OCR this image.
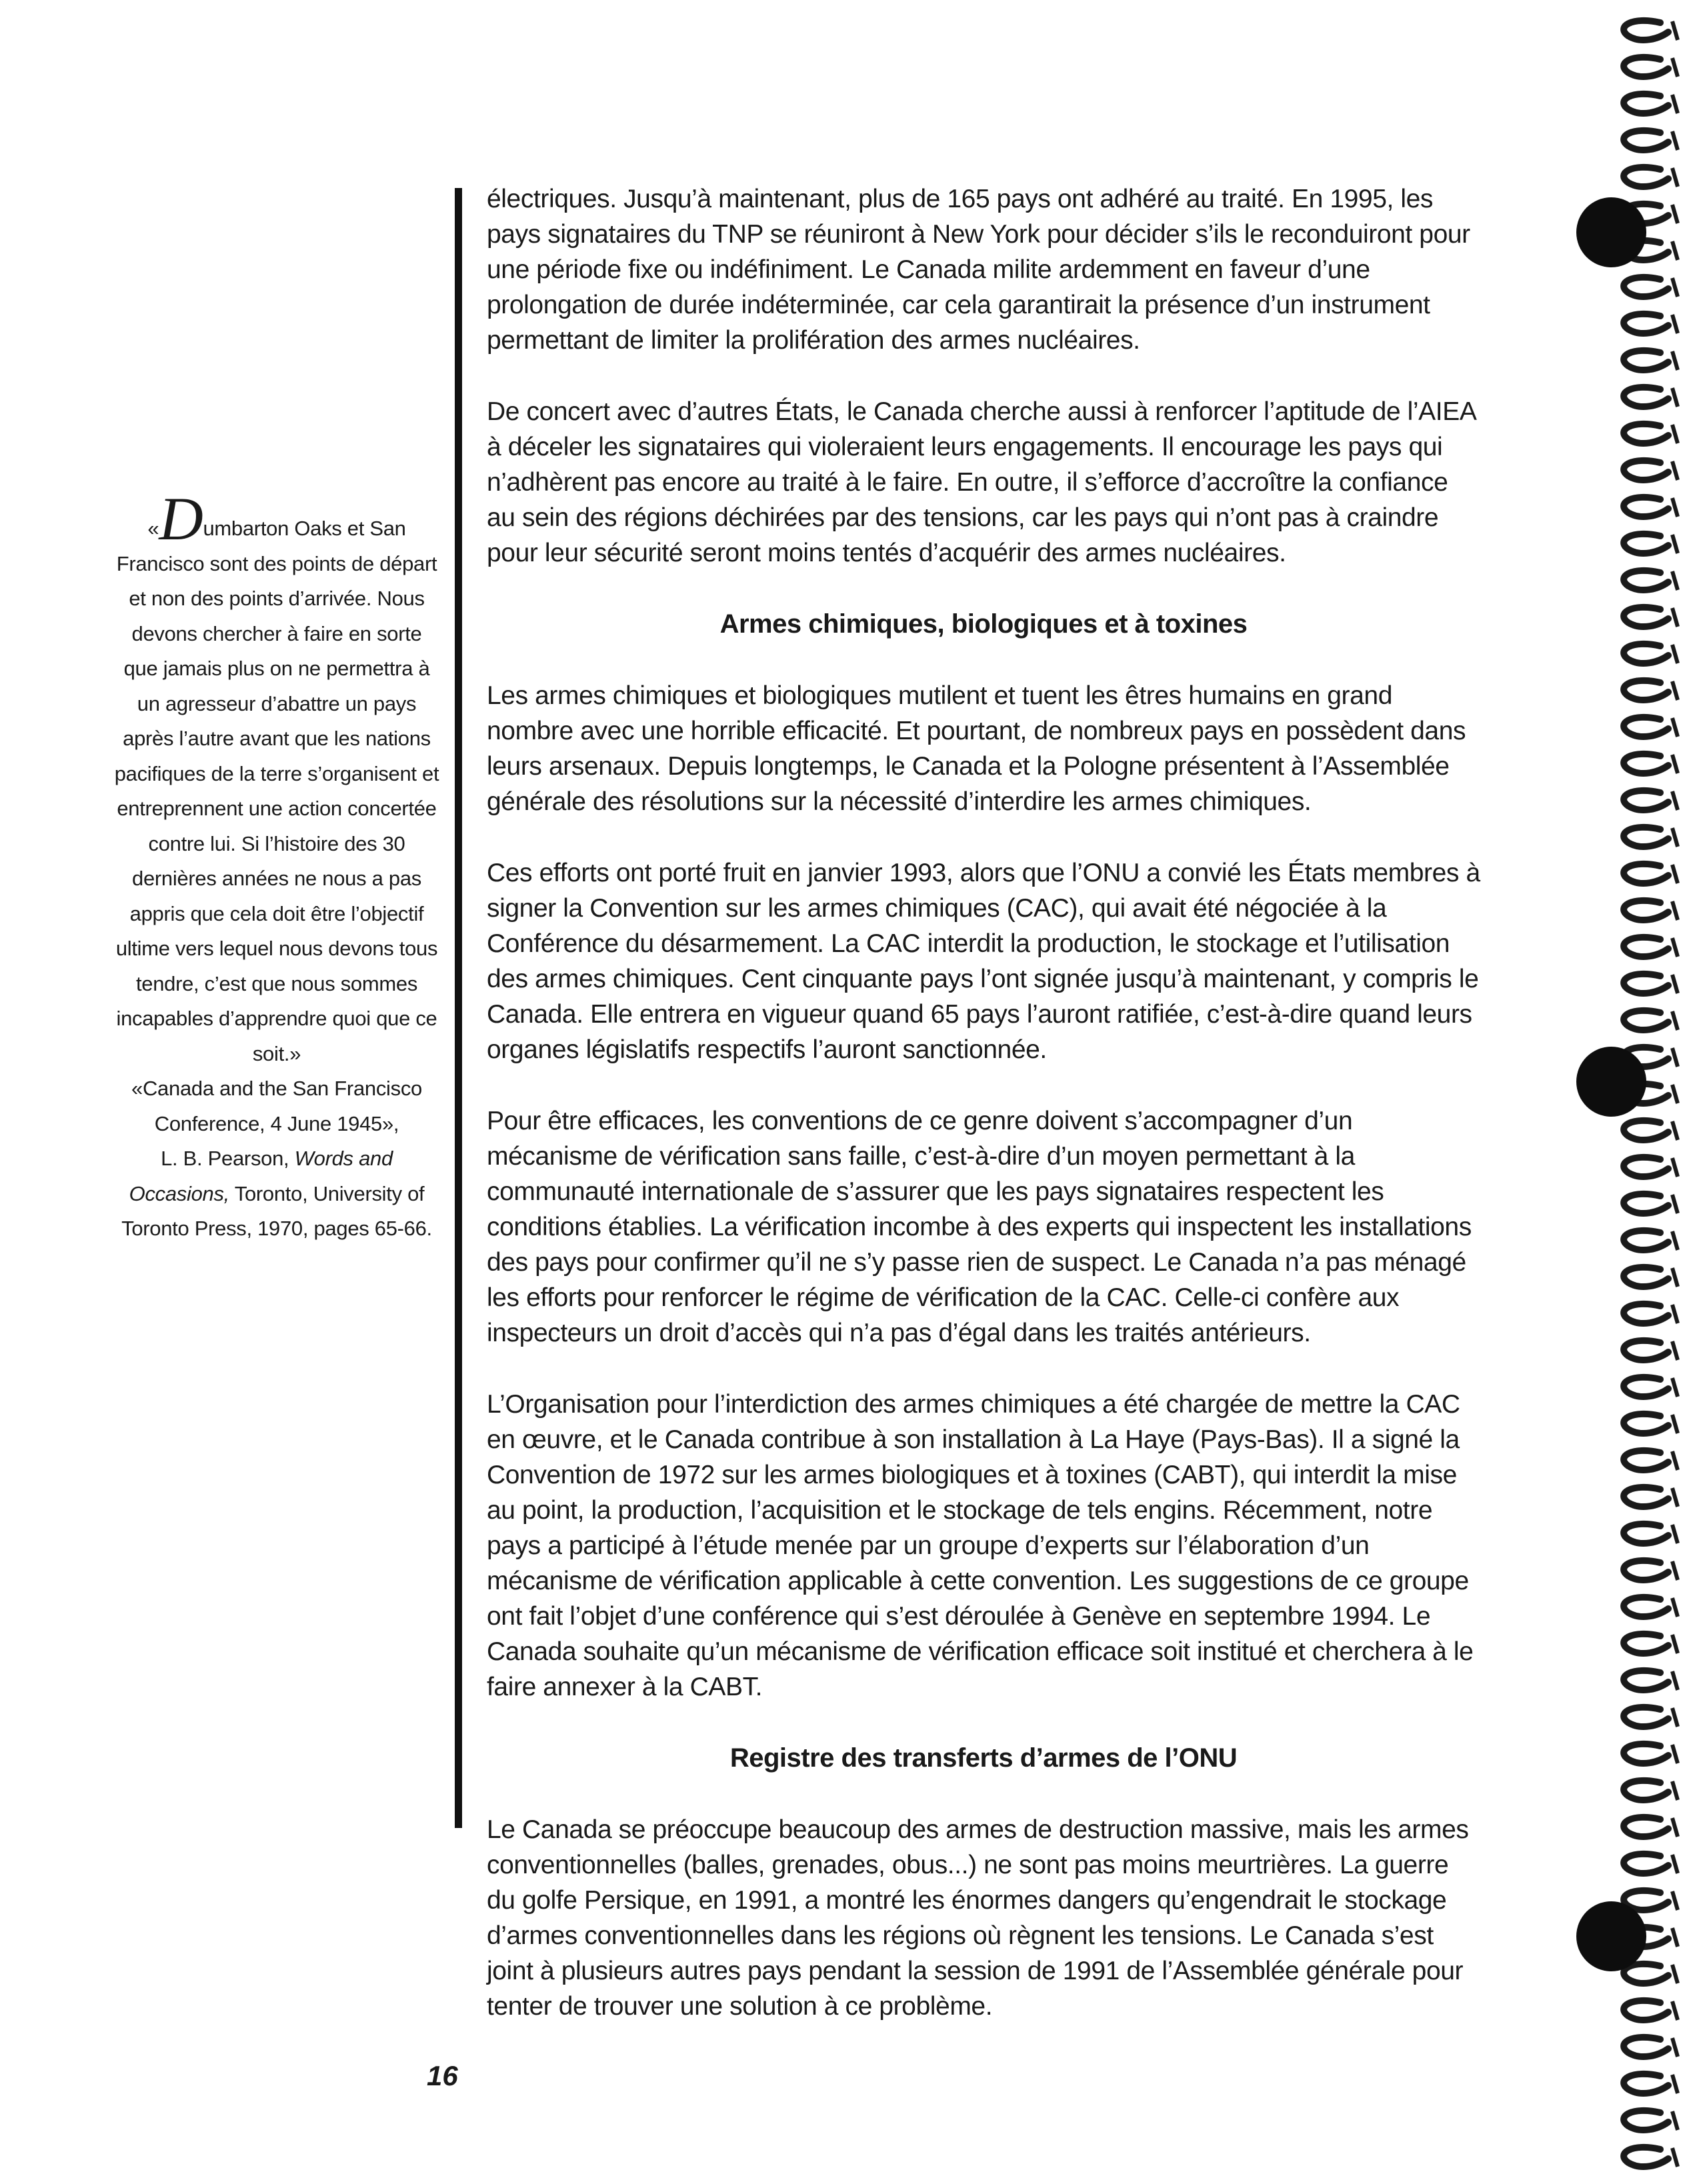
«Dumbarton Oaks et San Francisco sont des points de départ et non des points d’arrivée. Nous devons chercher à faire en sorte que jamais plus on ne permettra à un agresseur d’abattre un pays après l’autre avant que les nations pacifiques de la terre s’organisent et entreprennent une action concertée contre lui. Si l’histoire des 30 dernières années ne nous a pas appris que cela doit être l’objectif ultime vers lequel nous devons tous tendre, c’est que nous sommes incapables d’apprendre quoi que ce soit.»

«Canada and the San Francisco Conference, 4 June 1945»,
L. B. Pearson, Words and Occasions, Toronto, University of Toronto Press, 1970, pages 65-66.

électriques. Jusqu’à maintenant, plus de 165 pays ont adhéré au traité. En 1995, les pays signataires du TNP se réuniront à New York pour décider s’ils le reconduiront pour une période fixe ou indéfiniment. Le Canada milite ardemment en faveur d’une prolongation de durée indéterminée, car cela garantirait la présence d’un instrument permettant de limiter la prolifération des armes nucléaires.

De concert avec d’autres États, le Canada cherche aussi à renforcer l’aptitude de l’AIEA à déceler les signataires qui violeraient leurs engagements. Il encourage les pays qui n’adhèrent pas encore au traité à le faire. En outre, il s’efforce d’accroître la confiance au sein des régions déchirées par des tensions, car les pays qui n’ont pas à craindre pour leur sécurité seront moins tentés d’acquérir des armes nucléaires.

Armes chimiques, biologiques et à toxines

Les armes chimiques et biologiques mutilent et tuent les êtres humains en grand nombre avec une horrible efficacité. Et pourtant, de nombreux pays en possèdent dans leurs arsenaux. Depuis longtemps, le Canada et la Pologne présentent à l’Assemblée générale des résolutions sur la nécessité d’interdire les armes chimiques.

Ces efforts ont porté fruit en janvier 1993, alors que l’ONU a convié les États membres à signer la Convention sur les armes chimiques (CAC), qui avait été négociée à la Conférence du désarmement. La CAC interdit la production, le stockage et l’utilisation des armes chimiques. Cent cinquante pays l’ont signée jusqu’à maintenant, y compris le Canada. Elle entrera en vigueur quand 65 pays l’auront ratifiée, c’est-à-dire quand leurs organes législatifs respectifs l’auront sanctionnée.

Pour être efficaces, les conventions de ce genre doivent s’accompagner d’un mécanisme de vérification sans faille, c’est-à-dire d’un moyen permettant à la communauté internationale de s’assurer que les pays signataires respectent les conditions établies. La vérification incombe à des experts qui inspectent les installations des pays pour confirmer qu’il ne s’y passe rien de suspect. Le Canada n’a pas ménagé les efforts pour renforcer le régime de vérification de la CAC. Celle-ci confère aux inspecteurs un droit d’accès qui n’a pas d’égal dans les traités antérieurs.

L’Organisation pour l’interdiction des armes chimiques a été chargée de mettre la CAC en œuvre, et le Canada contribue à son installation à La Haye (Pays-Bas). Il a signé la Convention de 1972 sur les armes biologiques et à toxines (CABT), qui interdit la mise au point, la production, l’acquisition et le stockage de tels engins. Récemment, notre pays a participé à l’étude menée par un groupe d’experts sur l’élaboration d’un mécanisme de vérification applicable à cette convention. Les suggestions de ce groupe ont fait l’objet d’une conférence qui s’est déroulée à Genève en septembre 1994. Le Canada souhaite qu’un mécanisme de vérification efficace soit institué et cherchera à le faire annexer à la CABT.

Registre des transferts d’armes de l’ONU

Le Canada se préoccupe beaucoup des armes de destruction massive, mais les armes conventionnelles (balles, grenades, obus...) ne sont pas moins meurtrières. La guerre du golfe Persique, en 1991, a montré les énormes dangers qu’engendrait le stockage d’armes conventionnelles dans les régions où règnent les tensions. Le Canada s’est joint à plusieurs autres pays pendant la session de 1991 de l’Assemblée générale pour tenter de trouver une solution à ce problème.

16
